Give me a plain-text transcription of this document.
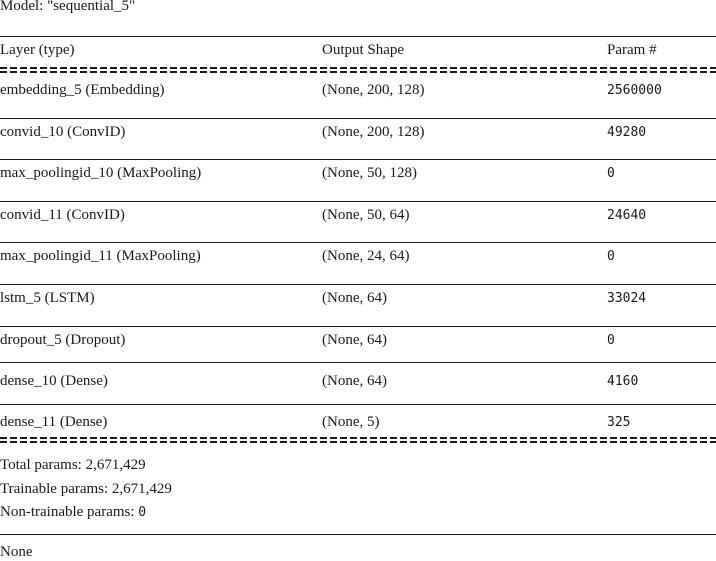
Model: "sequential_5"
Layer (type)	Output Shape	Param #
embedding_5 (Embedding)	(None, 200, 128)	2560000
convid_10 (ConvID)	(None, 200, 128)	49280
max_poolingid_10 (MaxPooling)	(None, 50, 128)	0
convid_11 (ConvID)	(None, 50, 64)	24640
max_poolingid_11 (MaxPooling)	(None, 24, 64)	0
lstm_5 (LSTM)	(None, 64)	33024
dropout_5 (Dropout)	(None, 64)	0
dense_10 (Dense)	(None, 64)	4160
dense_11 (Dense)	(None, 5)	325
Total params: 2,671,429
Trainable params: 2,671,429
Non-trainable params: 0
None
